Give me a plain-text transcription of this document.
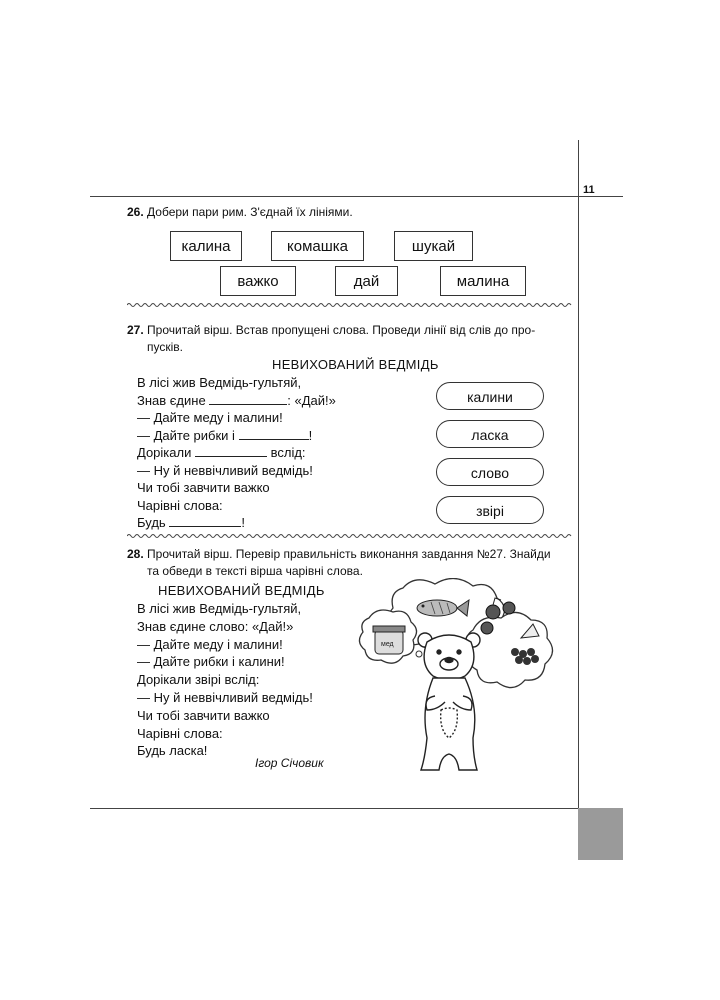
11
26. Добери пари рим. З'єднай їх лініями.
калина	комашка	шукай
важко	дай	малина
27. Прочитай вірш. Встав пропущені слова. Проведи лінії від слів до про-
пусків.
НЕВИХОВАНИЙ ВЕДМІДЬ
В лісі жив Ведмідь-гультяй,
Знав єдине	: «Дай!»
— Дайте меду і малини!
— Дайте рибки і	!
Дорікали	вслід:
— Ну й неввічливий ведмідь!
Чи тобі завчити важко
Чарівні слова:
Будь	!
калини
ласка
слово
звірі
28. Прочитай вірш. Перевір правильність виконання завдання №27. Знайди
та обведи в тексті вірша чарівні слова.
НЕВИХОВАНИЙ ВЕДМІДЬ
В лісі жив Ведмідь-гультяй,
Знав єдине слово: «Дай!»
— Дайте меду і малини!
— Дайте рибки і калини!
Дорікали звірі вслід:
— Ну й неввічливий ведмідь!
Чи тобі завчити важко
Чарівні слова:
Будь ласка!
Ігор Січовик
мед
